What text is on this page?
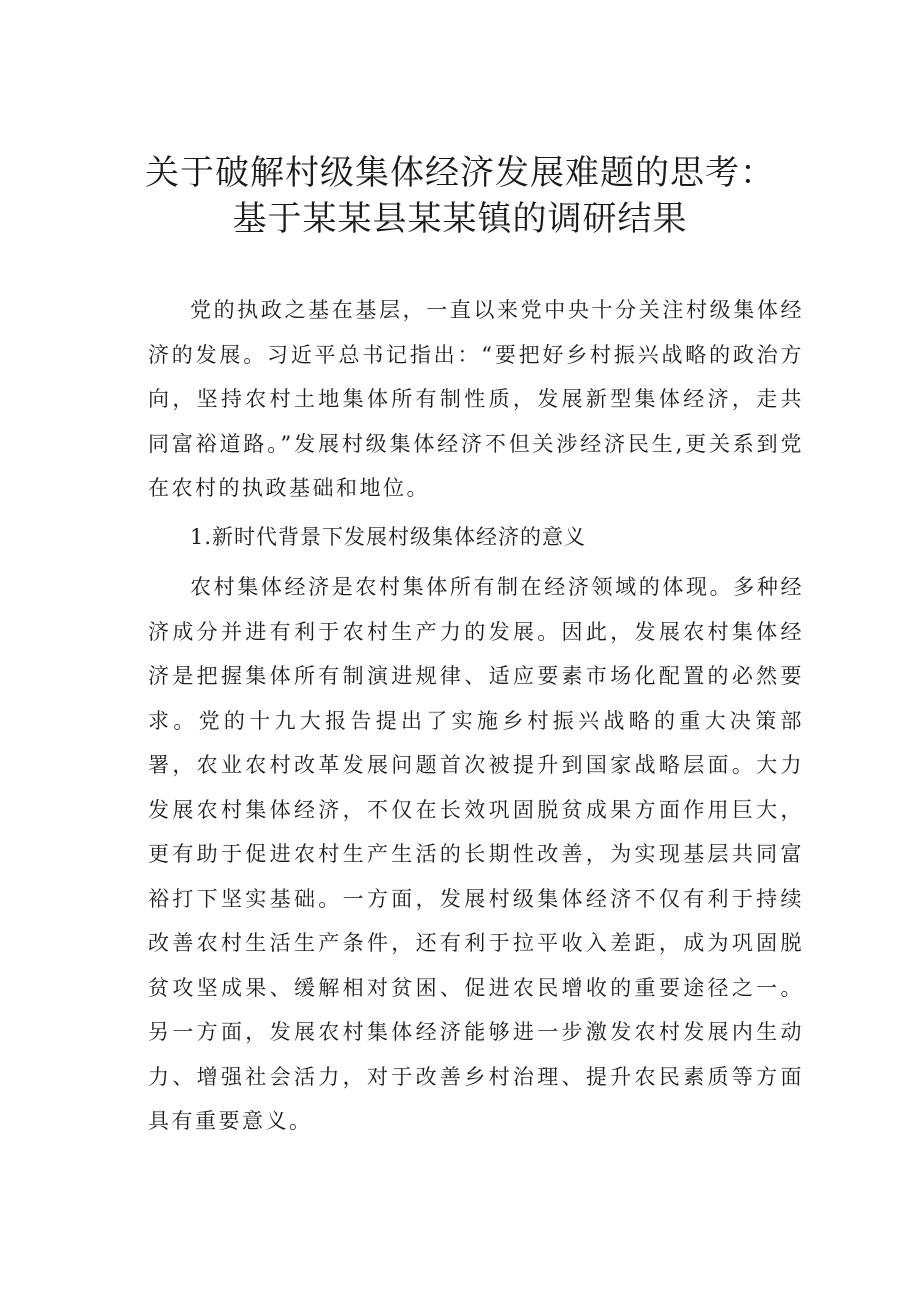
关于破解村级集体经济发展难题的思考：
基于某某县某某镇的调研结果

党的执政之基在基层，一直以来党中央十分关注村级集体经济的发展。习近平总书记指出：“要把好乡村振兴战略的政治方向，坚持农村土地集体所有制性质，发展新型集体经济，走共同富裕道路。”发展村级集体经济不但关涉经济民生,更关系到党在农村的执政基础和地位。

1.新时代背景下发展村级集体经济的意义

农村集体经济是农村集体所有制在经济领域的体现。多种经济成分并进有利于农村生产力的发展。因此，发展农村集体经济是把握集体所有制演进规律、适应要素市场化配置的必然要求。党的十九大报告提出了实施乡村振兴战略的重大决策部署，农业农村改革发展问题首次被提升到国家战略层面。大力发展农村集体经济，不仅在长效巩固脱贫成果方面作用巨大，更有助于促进农村生产生活的长期性改善，为实现基层共同富裕打下坚实基础。一方面，发展村级集体经济不仅有利于持续改善农村生活生产条件，还有利于拉平收入差距，成为巩固脱贫攻坚成果、缓解相对贫困、促进农民增收的重要途径之一。另一方面，发展农村集体经济能够进一步激发农村发展内生动力、增强社会活力，对于改善乡村治理、提升农民素质等方面具有重要意义。
